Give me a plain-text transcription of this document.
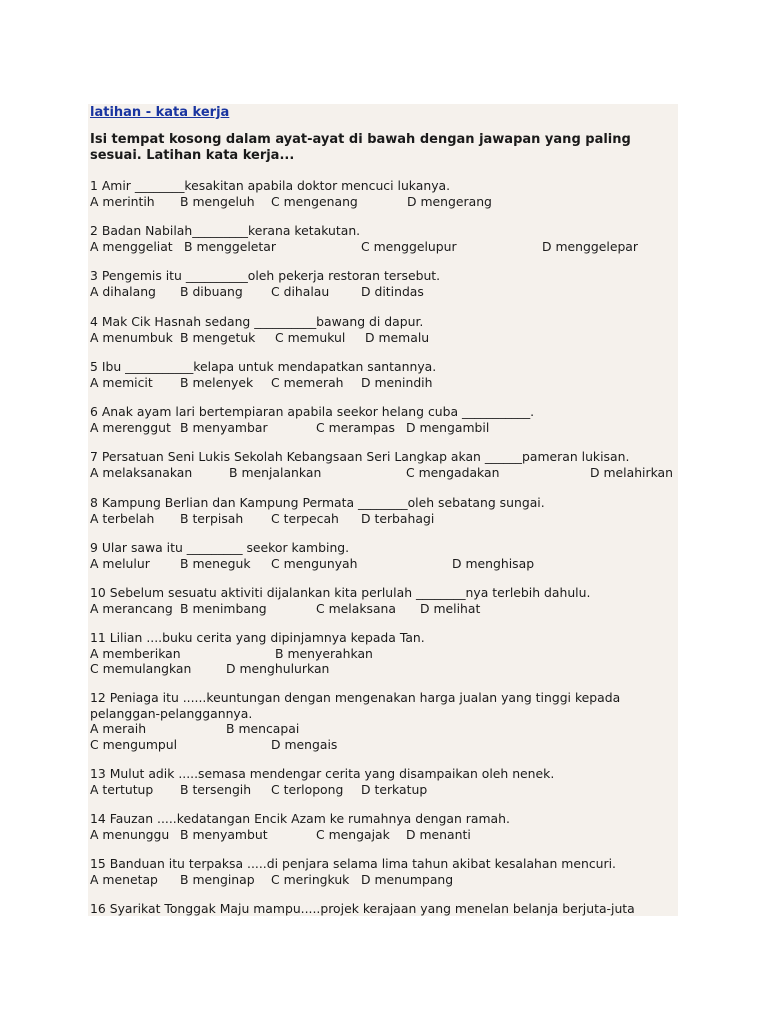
latihan - kata kerja
Isi tempat kosong dalam ayat-ayat di bawah dengan jawapan yang paling sesuai. Latihan kata kerja...
1 Amir ________kesakitan apabila doktor mencuci lukanya.
A merintih B mengeluh C mengenang	D mengerang
2 Badan Nabilah_________kerana ketakutan.
A menggeliat B menggeletar	C menggelupur	D menggelepar
3 Pengemis itu __________oleh pekerja restoran tersebut.
A dihalang B dibuang C dihalau	D ditindas
4 Mak Cik Hasnah sedang __________bawang di dapur.
A menumbuk B mengetuk C memukul D memalu
5 Ibu ___________kelapa untuk mendapatkan santannya.
A memicit B melenyek C memerah D menindih
6 Anak ayam lari bertempiaran apabila seekor helang cuba ___________.
A merenggut B menyambar	C merampas D mengambil
7 Persatuan Seni Lukis Sekolah Kebangsaan Seri Langkap akan ______pameran lukisan.
A melaksanakan	B menjalankan	C mengadakan	D melahirkan
8 Kampung Berlian dan Kampung Permata ________oleh sebatang sungai.
A terbelah B terpisah C terpecah D terbahagi
9 Ular sawa itu _________ seekor kambing.
A melulur B meneguk C mengunyah	D menghisap
10 Sebelum sesuatu aktiviti dijalankan kita perlulah ________nya terlebih dahulu.
A merancang B menimbang	C melaksana D melihat
11 Lilian ....buku cerita yang dipinjamnya kepada Tan.
A memberikan	B menyerahkan
C memulangkan	D menghulurkan
12 Peniaga itu ......keuntungan dengan mengenakan harga jualan yang tinggi kepada pelanggan-pelanggannya.
A meraih	B mencapai
C mengumpul	D mengais
13 Mulut adik .....semasa mendengar cerita yang disampaikan oleh nenek.
A tertutup B tersengih C terlopong D terkatup
14 Fauzan .....kedatangan Encik Azam ke rumahnya dengan ramah.
A menunggu B menyambut	C mengajak D menanti
15 Banduan itu terpaksa .....di penjara selama lima tahun akibat kesalahan mencuri.
A menetap B menginap C meringkuk D menumpang
16 Syarikat Tonggak Maju mampu.....projek kerajaan yang menelan belanja berjuta-juta
